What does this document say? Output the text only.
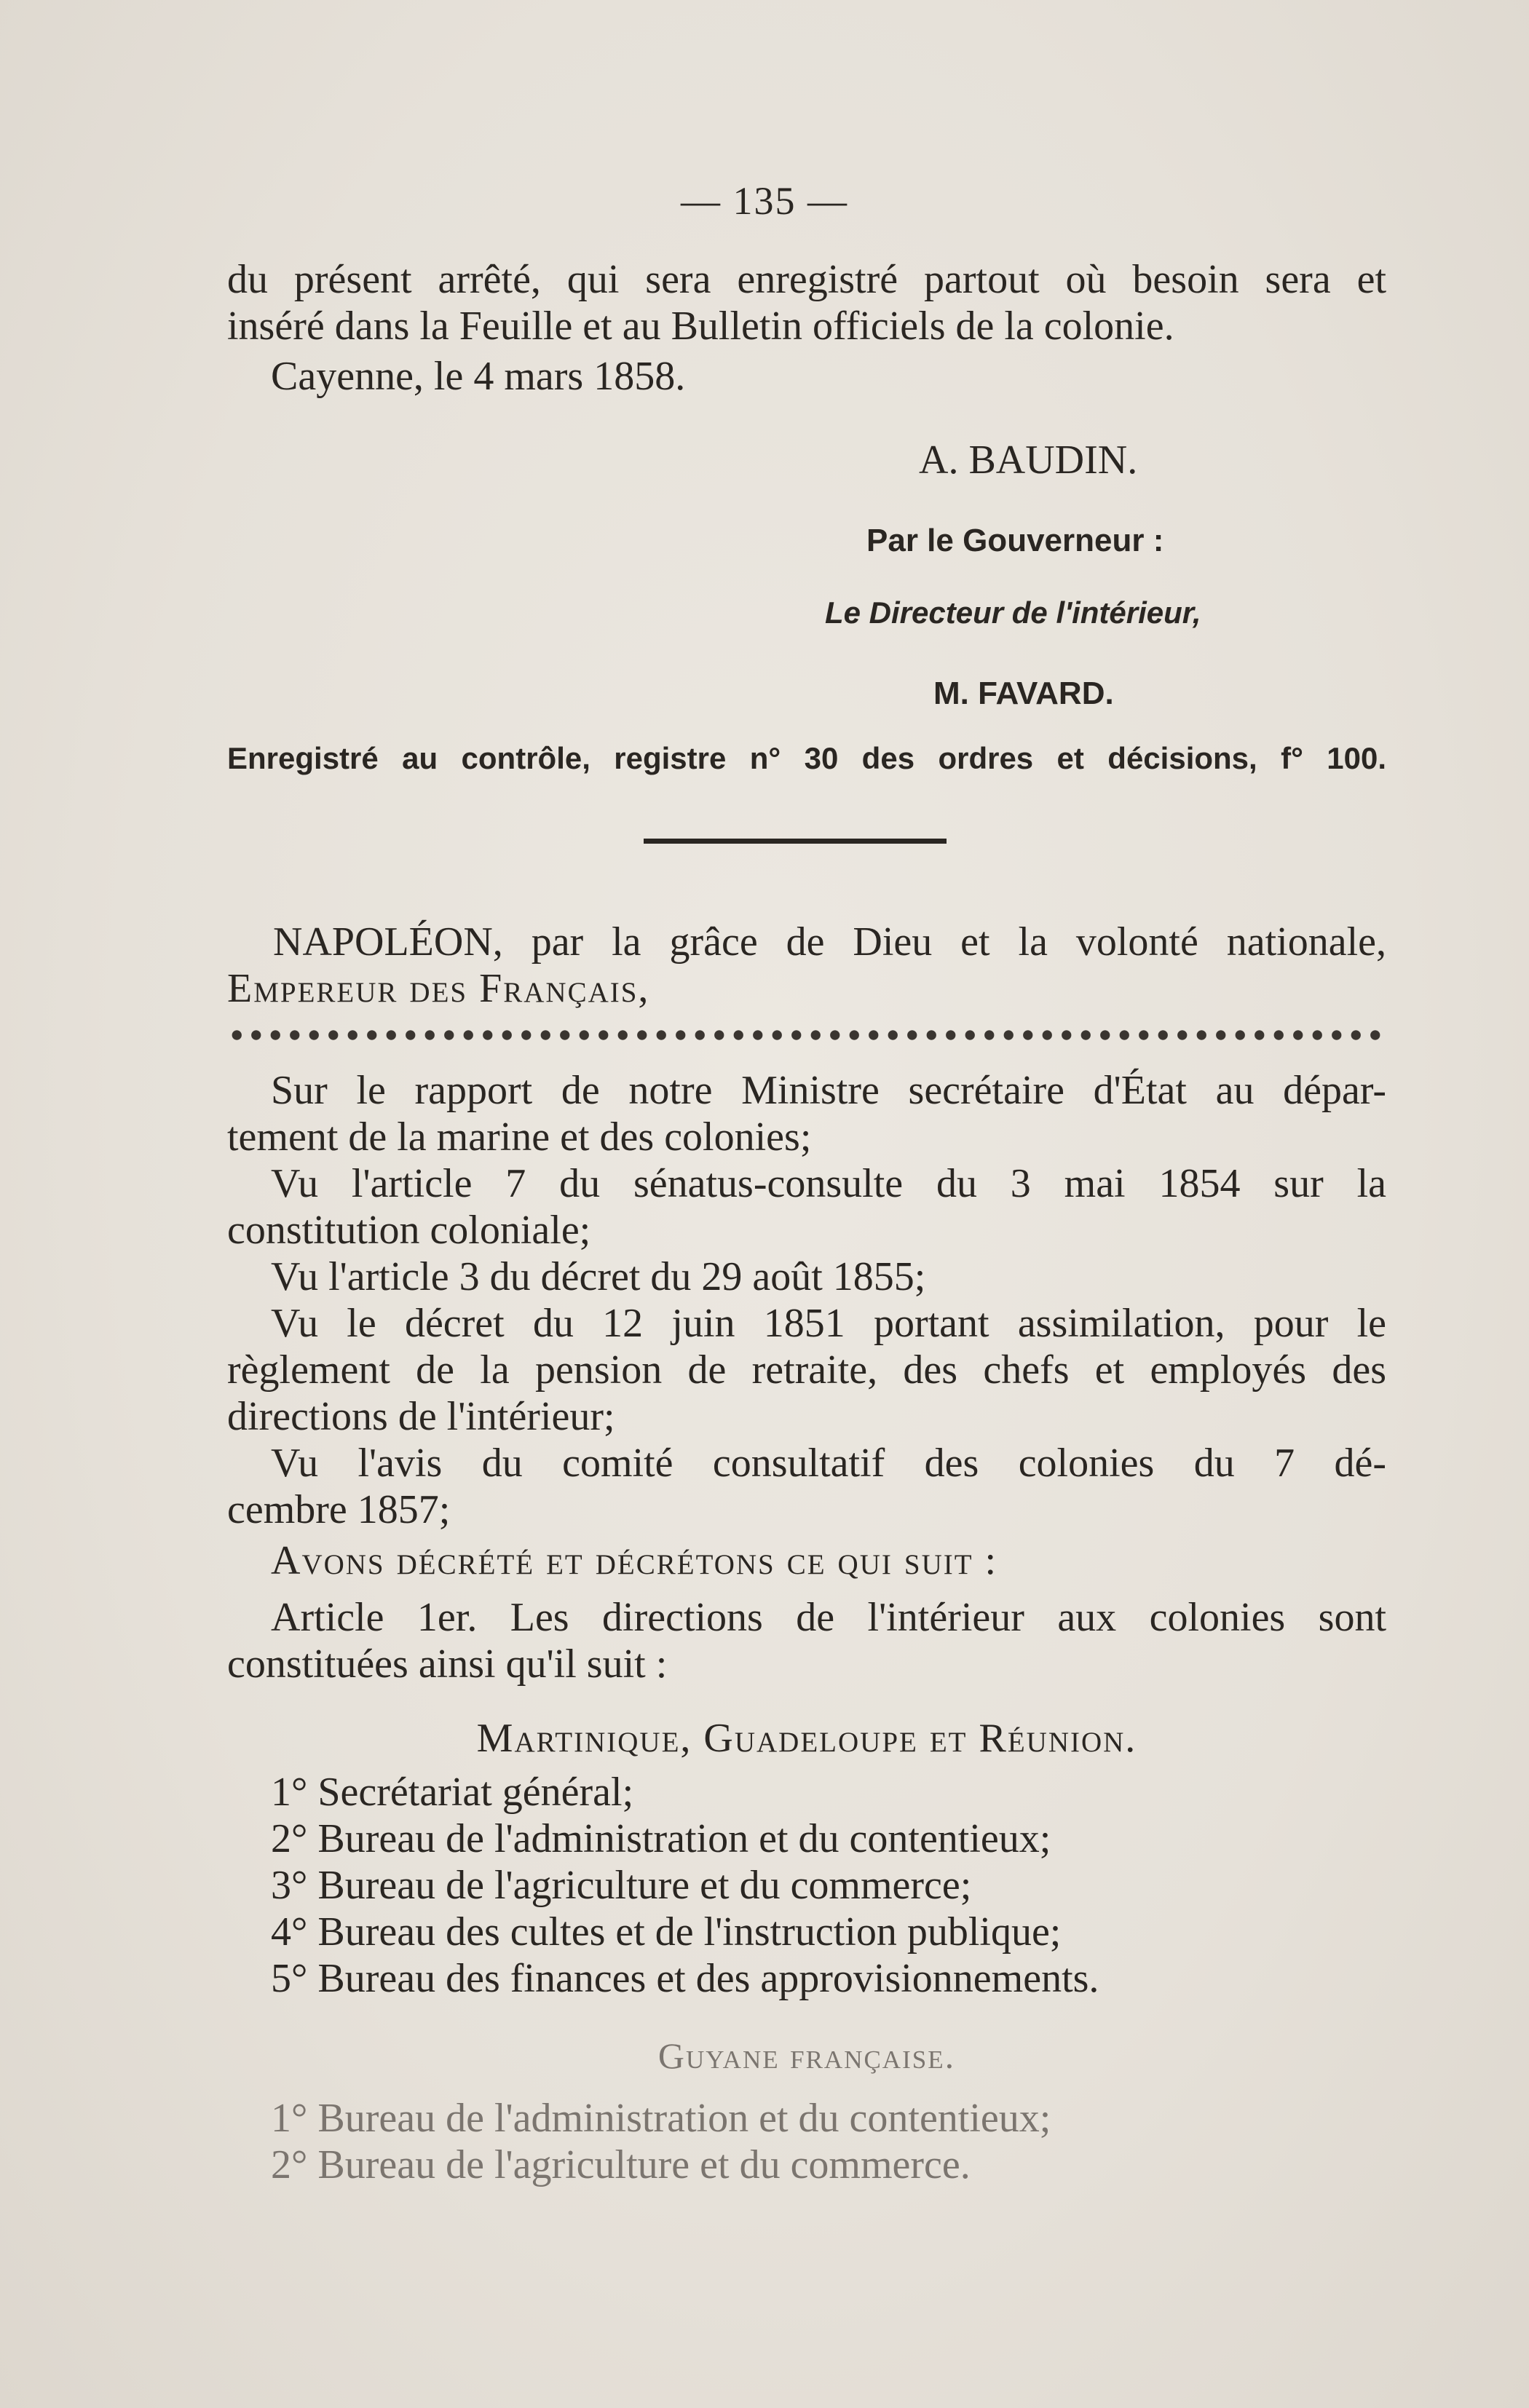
— 135 —
du présent arrêté, qui sera enregistré partout où besoin sera et
inséré dans la Feuille et au Bulletin officiels de la colonie.
Cayenne, le 4 mars 1858.
A. BAUDIN.
Par le Gouverneur :
Le Directeur de l'intérieur,
M. FAVARD.
Enregistré au contrôle, registre n° 30 des ordres et décisions, f° 100.
NAPOLÉON, par la grâce de Dieu et la volonté nationale,
Empereur des Français,
Sur le rapport de notre Ministre secrétaire d'État au dépar-
tement de la marine et des colonies;
Vu l'article 7 du sénatus-consulte du 3 mai 1854 sur la
constitution coloniale;
Vu l'article 3 du décret du 29 août 1855;
Vu le décret du 12 juin 1851 portant assimilation, pour le
règlement de la pension de retraite, des chefs et employés des
directions de l'intérieur;
Vu l'avis du comité consultatif des colonies du 7 dé-
cembre 1857;
Avons décrété et décrétons ce qui suit :
Article 1er. Les directions de l'intérieur aux colonies sont
constituées ainsi qu'il suit :
Martinique, Guadeloupe et Réunion.
1° Secrétariat général;
2° Bureau de l'administration et du contentieux;
3° Bureau de l'agriculture et du commerce;
4° Bureau des cultes et de l'instruction publique;
5° Bureau des finances et des approvisionnements.
Guyane française.
1° Bureau de l'administration et du contentieux;
2° Bureau de l'agriculture et du commerce.
